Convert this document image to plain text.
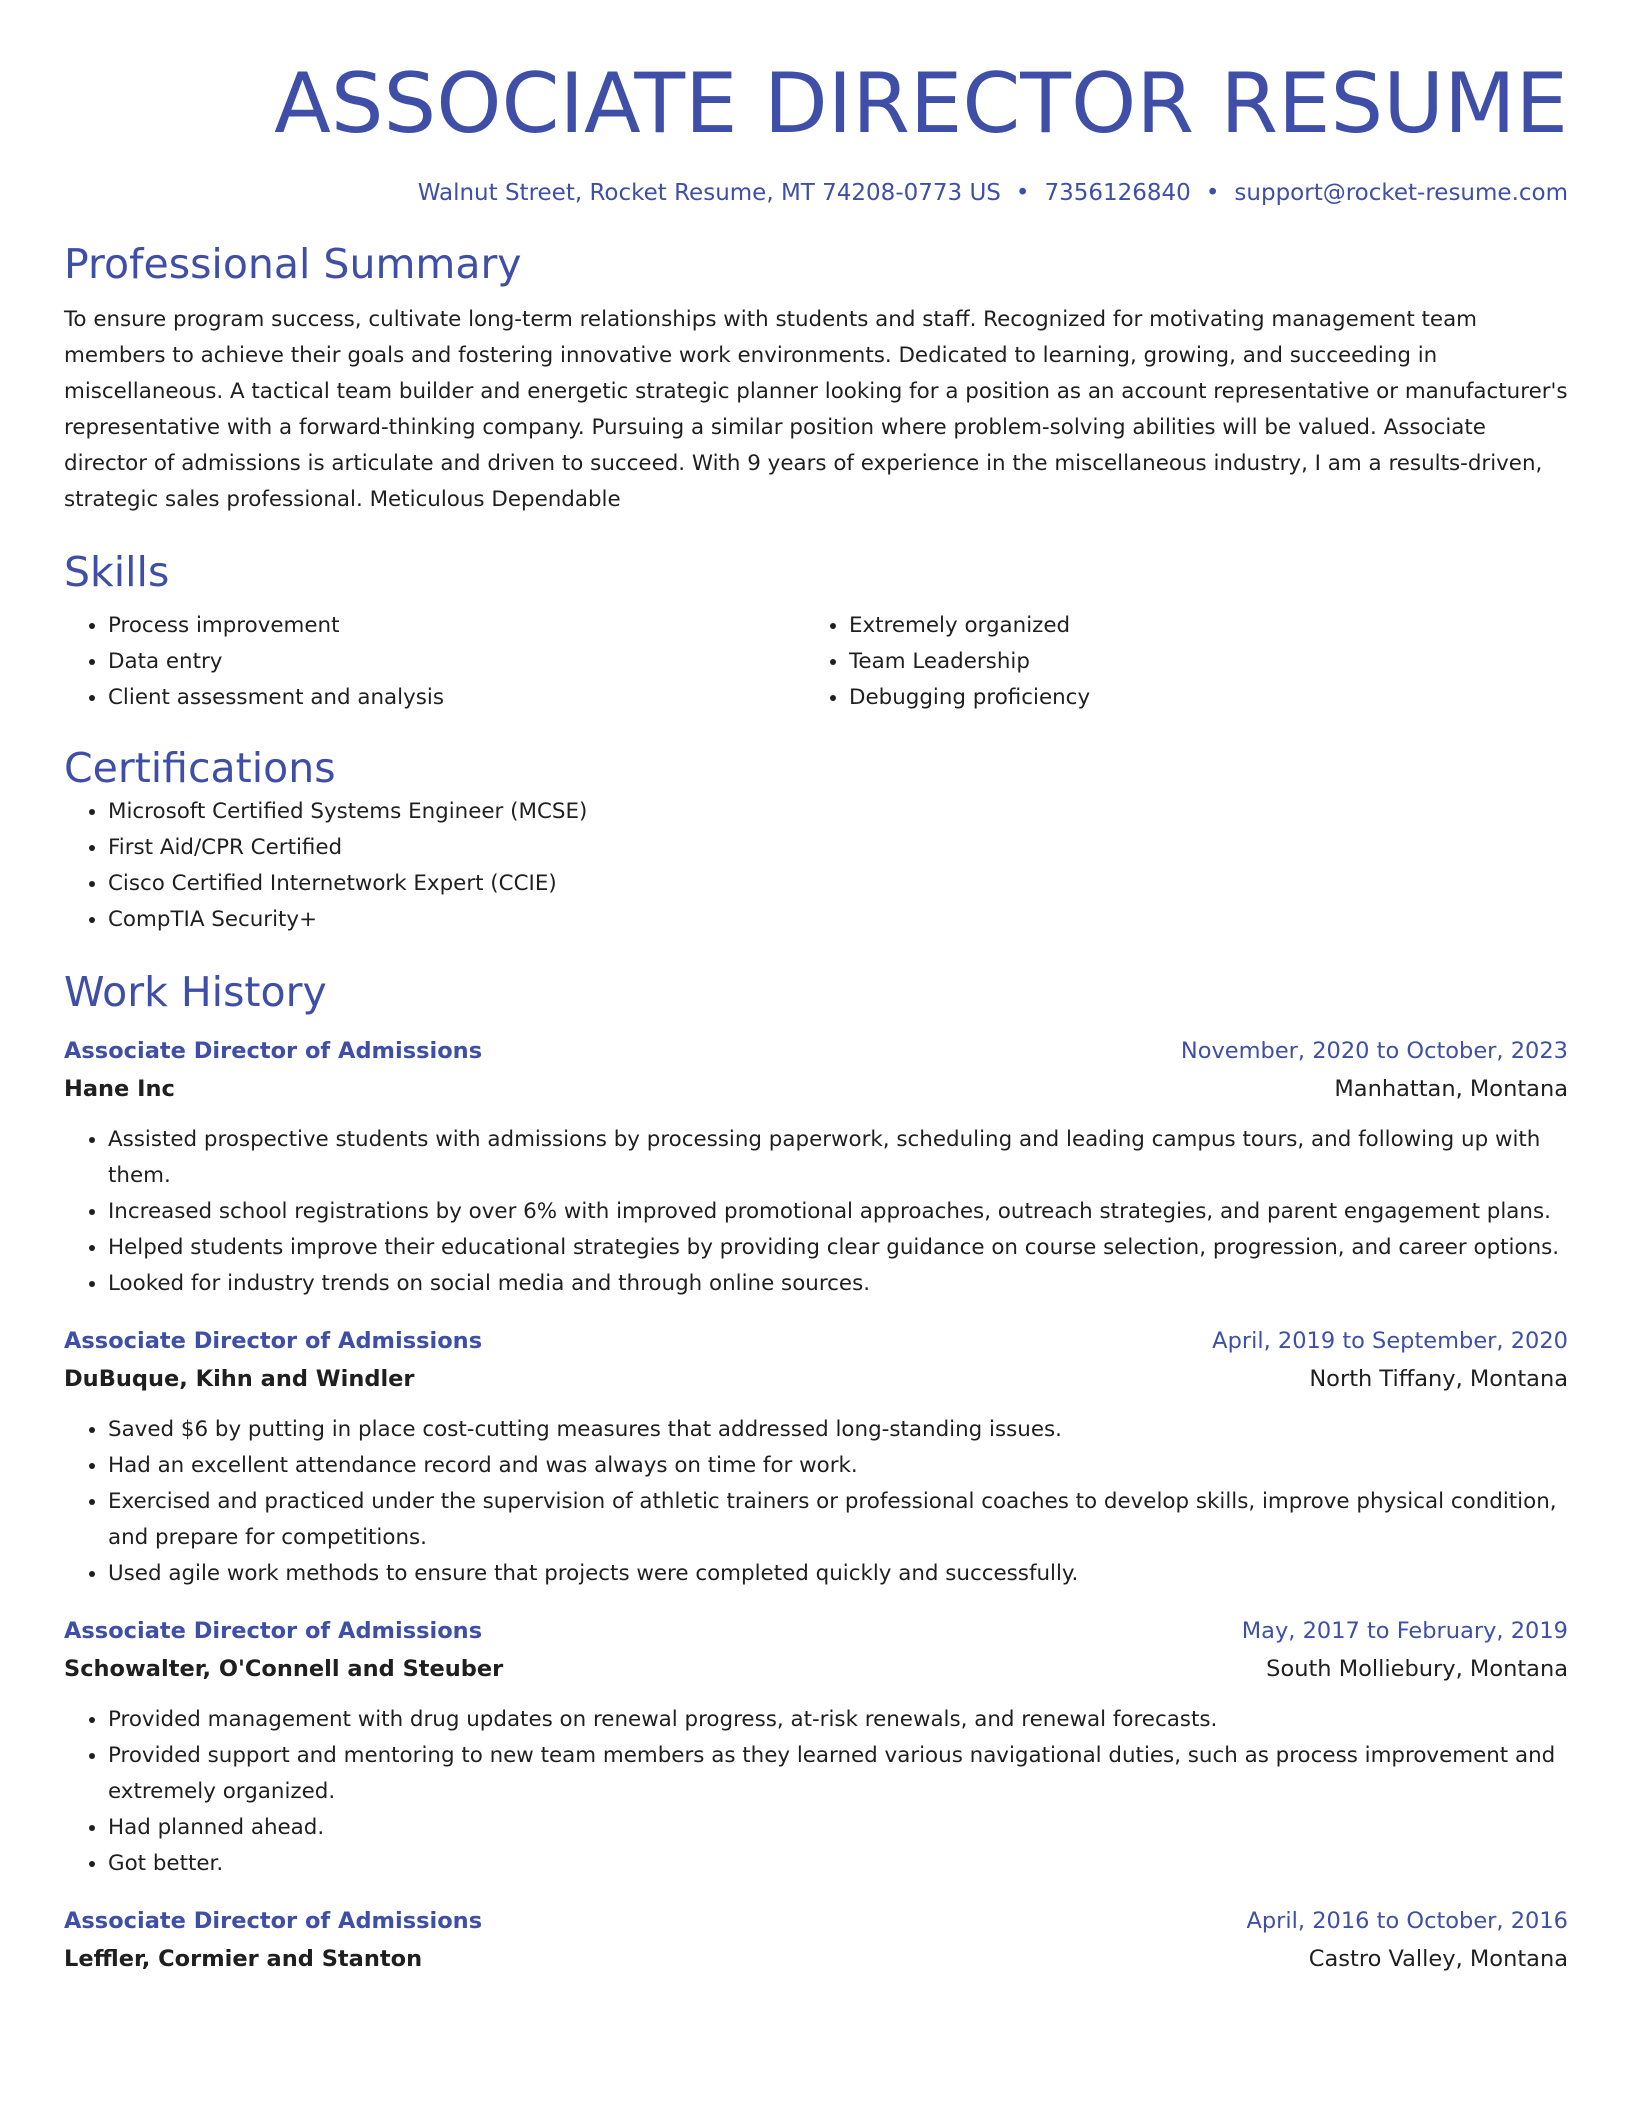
ASSOCIATE DIRECTOR RESUME
Walnut Street, Rocket Resume, MT 74208-0773 US • 7356126840 • support@rocket-resume.com
Professional Summary

To ensure program success, cultivate long-term relationships with students and staff. Recognized for motivating management team members to achieve their goals and fostering innovative work environments. Dedicated to learning, growing, and succeeding in miscellaneous. A tactical team builder and energetic strategic planner looking for a position as an account representative or manufacturer's representative with a forward-thinking company. Pursuing a similar position where problem-solving abilities will be valued. Associate director of admissions is articulate and driven to succeed. With 9 years of experience in the miscellaneous industry, I am a results-driven, strategic sales professional. Meticulous Dependable

Skills
• Process improvement
• Data entry
• Client assessment and analysis
• Extremely organized
• Team Leadership
• Debugging proficiency
Certifications
• Microsoft Certified Systems Engineer (MCSE)
• First Aid/CPR Certified
• Cisco Certified Internetwork Expert (CCIE)
• CompTIA Security+
Work History
Associate Director of Admissions	November, 2020 to October, 2023
Hane Inc	Manhattan, Montana
• Assisted prospective students with admissions by processing paperwork, scheduling and leading campus tours, and following up with them.
• Increased school registrations by over 6% with improved promotional approaches, outreach strategies, and parent engagement plans.
• Helped students improve their educational strategies by providing clear guidance on course selection, progression, and career options.
• Looked for industry trends on social media and through online sources.
Associate Director of Admissions	April, 2019 to September, 2020
DuBuque, Kihn and Windler	North Tiffany, Montana
• Saved $6 by putting in place cost-cutting measures that addressed long-standing issues.
• Had an excellent attendance record and was always on time for work.
• Exercised and practiced under the supervision of athletic trainers or professional coaches to develop skills, improve physical condition, and prepare for competitions.
• Used agile work methods to ensure that projects were completed quickly and successfully.
Associate Director of Admissions	May, 2017 to February, 2019
Schowalter, O'Connell and Steuber	South Molliebury, Montana
• Provided management with drug updates on renewal progress, at-risk renewals, and renewal forecasts.
• Provided support and mentoring to new team members as they learned various navigational duties, such as process improvement and extremely organized.
• Had planned ahead.
• Got better.
Associate Director of Admissions	April, 2016 to October, 2016
Leffler, Cormier and Stanton	Castro Valley, Montana
